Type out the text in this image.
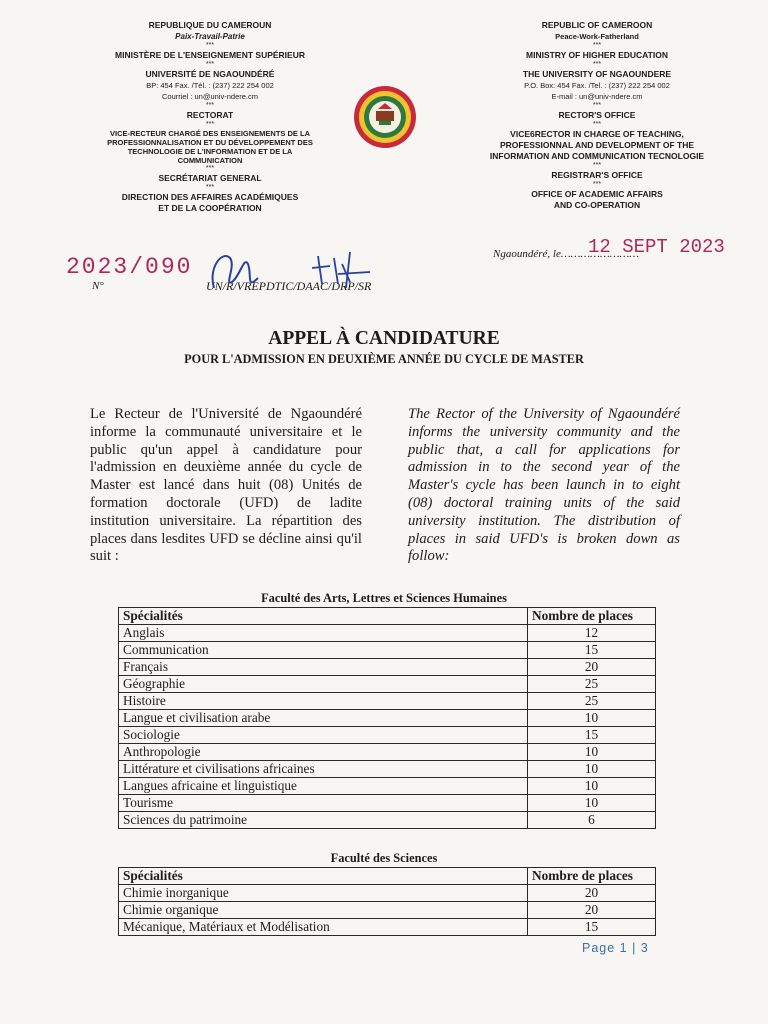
REPUBLIQUE DU CAMEROUN
Paix-Travail-Patrie
***
MINISTÈRE DE L'ENSEIGNEMENT SUPÉRIEUR
***
UNIVERSITÉ DE NGAOUNDÉRÉ
BP: 454 Fax. /Tél. : (237) 222 254 002
Courriel : un@univ-ndere.cm
***
RECTORAT
***
VICE-RECTEUR CHARGÉ DES ENSEIGNEMENTS DE LA
PROFESSIONNALISATION ET DU DÉVELOPPEMENT DES
TECHNOLOGIE DE L'INFORMATION ET DE LA
COMMUNICATION
***
SECRÉTARIAT GENERAL
***
DIRECTION DES AFFAIRES ACADÉMIQUES
ET DE LA COOPÉRATION
REPUBLIC OF CAMEROON
Peace-Work-Fatherland
***
MINISTRY OF HIGHER EDUCATION
***
THE UNIVERSITY OF NGAOUNDERE
P.O. Box: 454 Fax. /Tel. : (237) 222 254 002
E-mail : un@univ-ndere.cm
***
RECTOR'S OFFICE
***
VICE6RECTOR IN CHARGE OF TEACHING,
PROFESSIONNAL AND DEVELOPMENT OF THE
INFORMATION AND COMMUNICATION TECNOLOGIE
***
REGISTRAR'S OFFICE
***
OFFICE OF ACADEMIC AFFAIRS
AND CO-OPERATION
2023/090
N°	UN/R/VREPDTIC/DAAC/DRP/SR
Ngaoundéré, le……………………
12 SEPT 2023
APPEL À CANDIDATURE
POUR L'ADMISSION EN DEUXIÈME ANNÉE DU CYCLE DE MASTER
Le Recteur de l'Université de Ngaoundéré informe la communauté universitaire et le public qu'un appel à candidature pour l'admission en deuxième année du cycle de Master est lancé dans huit (08) Unités de formation doctorale (UFD) de ladite institution universitaire. La répartition des places dans lesdites UFD se décline ainsi qu'il suit :
The Rector of the University of Ngaoundéré informs the university community and the public that, a call for applications for admission in to the second year of the Master's cycle has been launch in to eight (08) doctoral training units of the said university institution. The distribution of places in said UFD's is broken down as follow:
Faculté des Arts, Lettres et Sciences Humaines
Spécialités	Nombre de places
Anglais	12
Communication	15
Français	20
Géographie	25
Histoire	25
Langue et civilisation arabe	10
Sociologie	15
Anthropologie	10
Littérature et civilisations africaines	10
Langues africaine et linguistique	10
Tourisme	10
Sciences du patrimoine	6
Faculté des Sciences
Spécialités	Nombre de places
Chimie inorganique	20
Chimie organique	20
Mécanique, Matériaux et Modélisation	15
Page 1 | 3
